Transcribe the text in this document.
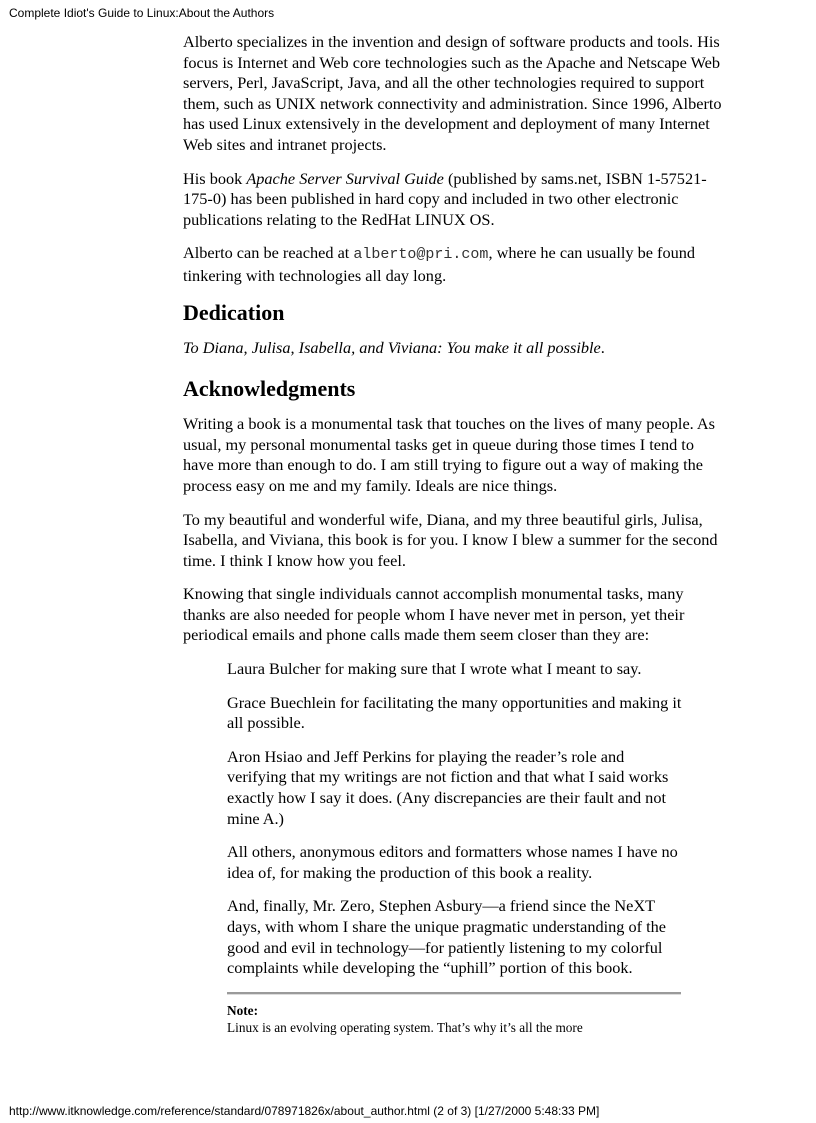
Complete Idiot's Guide to Linux:About the Authors

Alberto specializes in the invention and design of software products and tools. His focus is Internet and Web core technologies such as the Apache and Netscape Web servers, Perl, JavaScript, Java, and all the other technologies required to support them, such as UNIX network connectivity and administration. Since 1996, Alberto has used Linux extensively in the development and deployment of many Internet Web sites and intranet projects.

His book Apache Server Survival Guide (published by sams.net, ISBN 1-57521-175-0) has been published in hard copy and included in two other electronic publications relating to the RedHat LINUX OS.

Alberto can be reached at alberto@pri.com, where he can usually be found tinkering with technologies all day long.

Dedication

To Diana, Julisa, Isabella, and Viviana: You make it all possible.

Acknowledgments

Writing a book is a monumental task that touches on the lives of many people. As usual, my personal monumental tasks get in queue during those times I tend to have more than enough to do. I am still trying to figure out a way of making the process easy on me and my family. Ideals are nice things.

To my beautiful and wonderful wife, Diana, and my three beautiful girls, Julisa, Isabella, and Viviana, this book is for you. I know I blew a summer for the second time. I think I know how you feel.

Knowing that single individuals cannot accomplish monumental tasks, many thanks are also needed for people whom I have never met in person, yet their periodical emails and phone calls made them seem closer than they are:

Laura Bulcher for making sure that I wrote what I meant to say.

Grace Buechlein for facilitating the many opportunities and making it all possible.

Aron Hsiao and Jeff Perkins for playing the reader’s role and verifying that my writings are not fiction and that what I said works exactly how I say it does. (Any discrepancies are their fault and not mine A.)

All others, anonymous editors and formatters whose names I have no idea of, for making the production of this book a reality.

And, finally, Mr. Zero, Stephen Asbury—a friend since the NeXT days, with whom I share the unique pragmatic understanding of the good and evil in technology—for patiently listening to my colorful complaints while developing the “uphill” portion of this book.

Note:
Linux is an evolving operating system. That’s why it’s all the more
http://www.itknowledge.com/reference/standard/078971826x/about_author.html (2 of 3) [1/27/2000 5:48:33 PM]
